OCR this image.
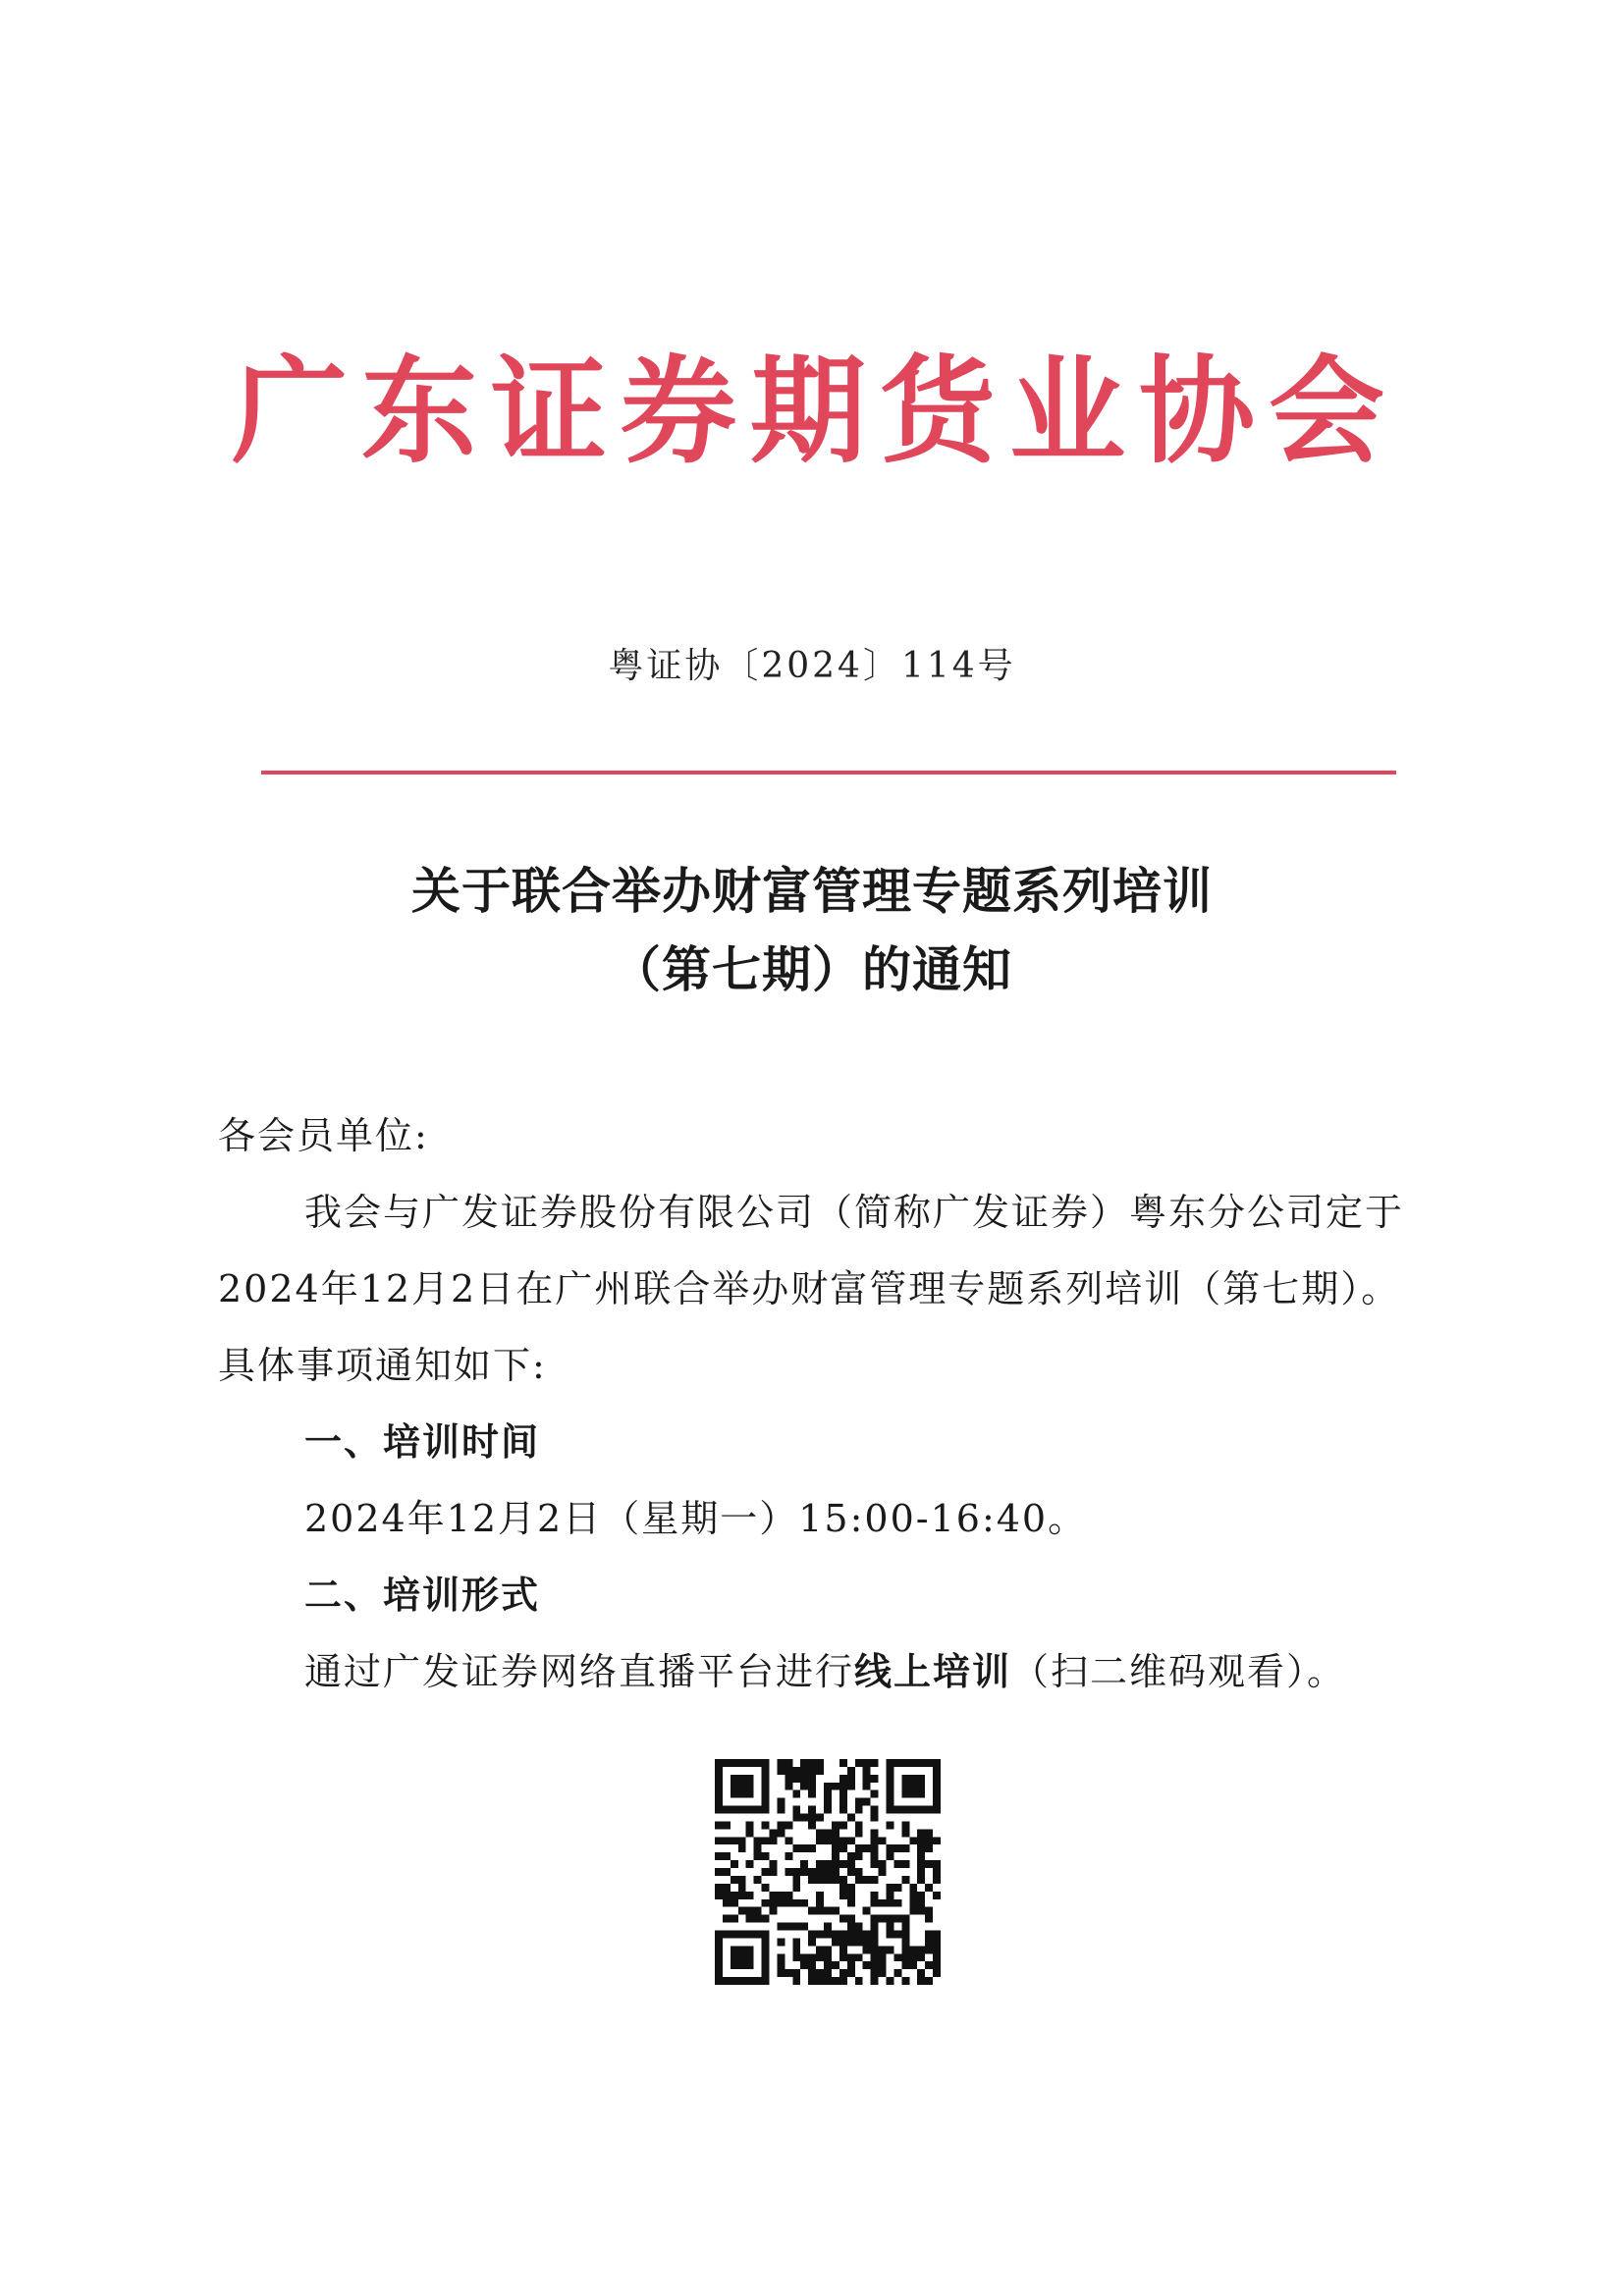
广东证券期货业协会
粤证协〔2024〕114号
关于联合举办财富管理专题系列培训
（第七期）的通知

各会员单位:

我会与广发证券股份有限公司（简称广发证券）粤东分公司定于2024年12月2日在广州联合举办财富管理专题系列培训（第七期）。具体事项通知如下:

一、培训时间

2024年12月2日（星期一）15:00-16:40。

二、培训形式

通过广发证券网络直播平台进行线上培训（扫二维码观看）。
